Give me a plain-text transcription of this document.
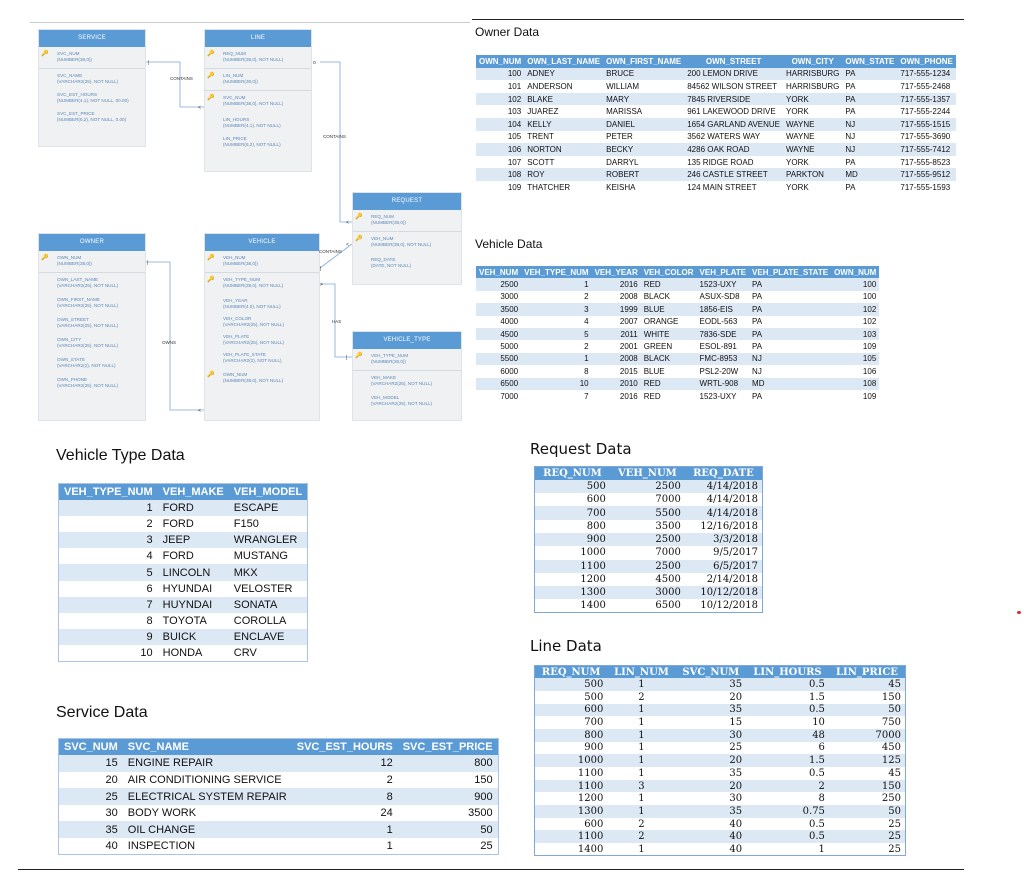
|
<
o
<
<
|
|
>
|
<
SERVICE
🔑 SVC_NUM
(NUMBER(38,0))
SVC_NAME
(VARCHAR2(25), NOT NULL)
SVC_EST_HOURS
(NUMBER(4,1), NOT NULL, 00.00)
SVC_EST_PRICE
(NUMBER(6,2), NOT NULL, 0.00)
LINE
🔑 REQ_NUM
(NUMBER(38,0), NOT NULL)
🔑 LIN_NUM
(NUMBER(38,0))
🔑 SVC_NUM
(NUMBER(38,0), NOT NULL)
LIN_HOURS
(NUMBER(4,1), NOT NULL)
LIN_PRICE
(NUMBER(6,2), NOT NULL)
REQUEST
🔑 REQ_NUM
(NUMBER(38,0))
🔑 VEH_NUM
(NUMBER(38,0), NOT NULL)
REQ_DATE
(DATE, NOT NULL)
OWNER
🔑 OWN_NUM
(NUMBER(38,0))
OWN_LAST_NAME
(VARCHAR2(25), NOT NULL)
OWN_FIRST_NAME
(VARCHAR2(25), NOT NULL)
OWN_STREET
(VARCHAR2(25), NOT NULL)
OWN_CITY
(VARCHAR2(25), NOT NULL)
OWN_STATE
(VARCHAR2(2), NOT NULL)
OWN_PHONE
(VARCHAR2(25), NOT NULL)
VEHICLE
🔑 VEH_NUM
(NUMBER(38,0))
🔑 VEH_TYPE_NUM
(NUMBER(38,0), NOT NULL)
VEH_YEAR
(NUMBER(4,0), NOT NULL)
VEH_COLOR
(VARCHAR2(25), NOT NULL)
VEH_PLATE
(VARCHAR2(25), NOT NULL)
VEH_PLATE_STATE
(VARCHAR2(2), NOT NULL)
🔑 OWN_NUM
(NUMBER(38,0), NOT NULL)
VEHICLE_TYPE
🔑 VEH_TYPE_NUM
(NUMBER(38,0))
VEH_MAKE
(VARCHAR2(25), NOT NULL)
VEH_MODEL
(VARCHAR2(25), NOT NULL)
CONTAINS
CONTAINS
CONTAINS
OWNS
HAS
Owner Data
OWN_NUM	OWN_LAST_NAME	OWN_FIRST_NAME	OWN_STREET	OWN_CITY	OWN_STATE	OWN_PHONE
100	ADNEY	BRUCE	200 LEMON DRIVE	HARRISBURG	PA	717-555-1234
101	ANDERSON	WILLIAM	84562 WILSON STREET	HARRISBURG	PA	717-555-2468
102	BLAKE	MARY	7845 RIVERSIDE	YORK	PA	717-555-1357
103	JUAREZ	MARISSA	961 LAKEWOOD DRIVE	YORK	PA	717-555-2244
104	KELLY	DANIEL	1654 GARLAND AVENUE	WAYNE	NJ	717-555-1515
105	TRENT	PETER	3562 WATERS WAY	WAYNE	NJ	717-555-3690
106	NORTON	BECKY	4286 OAK ROAD	WAYNE	NJ	717-555-7412
107	SCOTT	DARRYL	135 RIDGE ROAD	YORK	PA	717-555-8523
108	ROY	ROBERT	246 CASTLE STREET	PARKTON	MD	717-555-9512
109	THATCHER	KEISHA	124 MAIN STREET	YORK	PA	717-555-1593
Vehicle Data
VEH_NUM	VEH_TYPE_NUM	VEH_YEAR	VEH_COLOR	VEH_PLATE	VEH_PLATE_STATE	OWN_NUM
2500	1	2016	RED	1523-UXY	PA	100
3000	2	2008	BLACK	ASUX-SD8	PA	100
3500	3	1999	BLUE	1856-EIS	PA	102
4000	4	2007	ORANGE	EODL-563	PA	102
4500	5	2011	WHITE	7836-SDE	PA	103
5000	2	2001	GREEN	ESOL-891	PA	109
5500	1	2008	BLACK	FMC-8953	NJ	105
6000	8	2015	BLUE	PSL2-20W	NJ	106
6500	10	2010	RED	WRTL-908	MD	108
7000	7	2016	RED	1523-UXY	PA	109
Vehicle Type Data
VEH_TYPE_NUM	VEH_MAKE	VEH_MODEL
1	FORD	ESCAPE
2	FORD	F150
3	JEEP	WRANGLER
4	FORD	MUSTANG
5	LINCOLN	MKX
6	HYUNDAI	VELOSTER
7	HUYNDAI	SONATA
8	TOYOTA	COROLLA
9	BUICK	ENCLAVE
10	HONDA	CRV
Service Data
SVC_NUM	SVC_NAME	SVC_EST_HOURS	SVC_EST_PRICE
15	ENGINE REPAIR	12	800
20	AIR CONDITIONING SERVICE	2	150
25	ELECTRICAL SYSTEM REPAIR	8	900
30	BODY WORK	24	3500
35	OIL CHANGE	1	50
40	INSPECTION	1	25
Request Data
REQ_NUM	VEH_NUM	REQ_DATE
500	2500	4/14/2018
600	7000	4/14/2018
700	5500	4/14/2018
800	3500	12/16/2018
900	2500	3/3/2018
1000	7000	9/5/2017
1100	2500	6/5/2017
1200	4500	2/14/2018
1300	3000	10/12/2018
1400	6500	10/12/2018
Line Data
REQ_NUM	LIN_NUM	SVC_NUM	LIN_HOURS	LIN_PRICE
500	1	35	0.5	45
500	2	20	1.5	150
600	1	35	0.5	50
700	1	15	10	750
800	1	30	48	7000
900	1	25	6	450
1000	1	20	1.5	125
1100	1	35	0.5	45
1100	3	20	2	150
1200	1	30	8	250
1300	1	35	0.75	50
600	2	40	0.5	25
1100	2	40	0.5	25
1400	1	40	1	25
